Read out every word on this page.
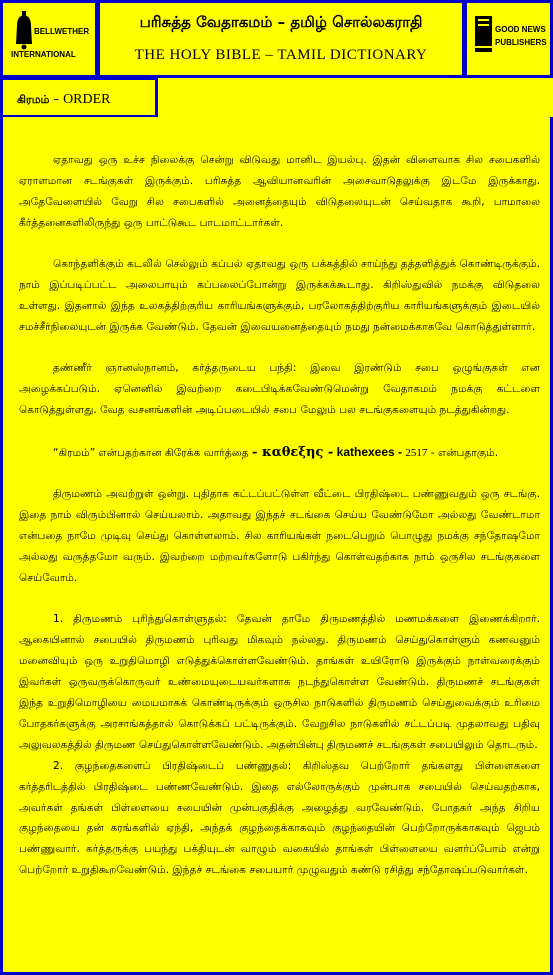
BELLWETHER
INTERNATIONAL
பரிசுத்த வேதாகமம் – தமிழ் சொல்லகராதி
THE HOLY BIBLE – TAMIL DICTIONARY
GOOD NEWS
PUBLISHERS
கிரமம் – ORDER

ஏதாவது ஒரு உச்ச நிலைக்கு சென்று விடுவது மானிட இயல்பு. இதன் விளைவாக சில சபைகளில் ஏராளமான சடங்குகள் இருக்கும். பரிசுத்த ஆவியானவரின் அசைவாடுதலுக்கு இடமே இருக்காது. அதேவேளையில் வேறு சில சபைகளில் அனைத்தையும் விடுதலையுடன் செய்வதாக கூறி, பாமாலை கீர்த்தனைகளிலிருந்து ஒரு பாட்டுகூட பாடமாட்டார்கள்.

கொந்தளிக்கும் கடலில் செல்லும் கப்பல் ஏதாவது ஒரு பக்கத்தில் சாய்ந்து தத்தளித்துக் கொண்டிருக்கும். நாம் இப்படிப்பட்ட அலைபாயும் கப்பலைப்போன்று இருக்கக்கூடாது. கிறிஸ்துவில் நமக்கு விடுதலை உள்ளது. இதனால் இந்த உலகத்திற்குரிய காரியங்களுக்கும், பரலோகத்திற்குரிய காரியங்களுக்கும் இடையில் சமச்சீர்நிலையுடன் இருக்க வேண்டும். தேவன் இவையனைத்தையும் நமது நன்மைக்காகவே கொடுத்துள்ளார்.

தண்ணீர் ஞானஸ்நானம், கர்த்தருடைய பந்தி: இவை இரண்டும் சபை ஒழுங்குகள் என அழைக்கப்படும். ஏனெனில் இவற்றை கடைபிடிக்கவேண்டுமென்று வேதாகமம் நமக்கு கட்டளை கொடுத்துள்ளது. வேத வசனங்களின் அடிப்படையில் சபை மேலும் பல சடங்குகளையும் நடத்துகின்றது.

“கிரமம்” என்பதற்கான கிரேக்க வார்த்தை - καθεξης - kathexees - 2517 - என்பதாகும்.

திருமணம் அவற்றுள் ஒன்று. புதிதாக கட்டப்பட்டுள்ள வீட்டை பிரதிஷ்டை பண்ணுவதும் ஒரு சடங்கு. இதை நாம் விரும்பினால் செய்யலாம். அதாவது இந்தச் சடங்கை செய்ய வேண்டுமோ அல்லது வேண்டாமா என்பதை நாமே முடிவு செய்து கொள்ளலாம். சில காரியங்கள் நடைபெறும் பொழுது நமக்கு சந்தோஷமோ அல்லது வருத்தமோ வரும். இவற்றை மற்றவர்களோடு பகிர்ந்து கொள்வதற்காக நாம் ஒருசில சடங்குகளை செய்வோம்.

1. திருமணம் புரிந்துகொள்ளுதல்: தேவன் தாமே திருமணத்தில் மணமக்களை இணைக்கிறார். ஆகையினால் சபையில் திருமணம் புரிவது மிகவும் நல்லது. திருமணம் செய்துகொள்ளும் கணவனும் மனைவியும் ஒரு உறுதிமொழி எடுத்துக்கொள்ளவேண்டும். தாங்கள் உயிரோடு இருக்கும் நாள்வரைக்கும் இவர்கள் ஒருவருக்கொருவர் உண்மையுடையவர்களாக நடந்துகொள்ள வேண்டும். திருமணச் சடங்குகள் இந்த உறுதிமொழியை மையமாகக் கொண்டிருக்கும் ஒருசில நாடுகளில் திருமணம் செய்துவைக்கும் உரிமை போதகர்களுக்கு அரசாங்கத்தால் கொடுக்கப் பட்டிருக்கும். வேறுசில நாடுகளில் சட்டப்படி முதலாவது பதிவு அலுவலகத்தில் திருமண செய்துகொள்ளவேண்டும். அதன்பின்பு திருமணச் சடங்குகள் சபையிலும் தொடரும்.

2. குழந்தைகளைப் பிரதிஷ்டைப் பண்ணுதல்: கிறிஸ்தவ பெற்றோர் தங்களது பிள்ளைகளை கர்த்தரிடத்தில் பிரதிஷ்டை பண்ணவேண்டும். இதை எல்லோருக்கும் முன்பாக சபையில் செய்வதற்காக, அவர்கள் தங்கள் பிள்ளையை சபையின் முன்பகுதிக்கு அழைத்து வரவேண்டும். போதகர் அந்த சிறிய குழந்தையை தன் கரங்களில் ஏந்தி, அந்தக் குழந்தைக்காகவும் குழந்தையின் பெற்றோருக்காகவும் ஜெபம் பண்ணுவார். கர்த்தருக்கு பயந்து பக்தியுடன் வாழும் வகையில் தாங்கள் பிள்ளையை வளர்ப்போம் என்று பெற்றோர் உறுதிகூறவேண்டும். இந்தச் சடங்கை சபையார் முழுவதும் கண்டு ரசித்து சந்தோஷப்படுவார்கள்.
